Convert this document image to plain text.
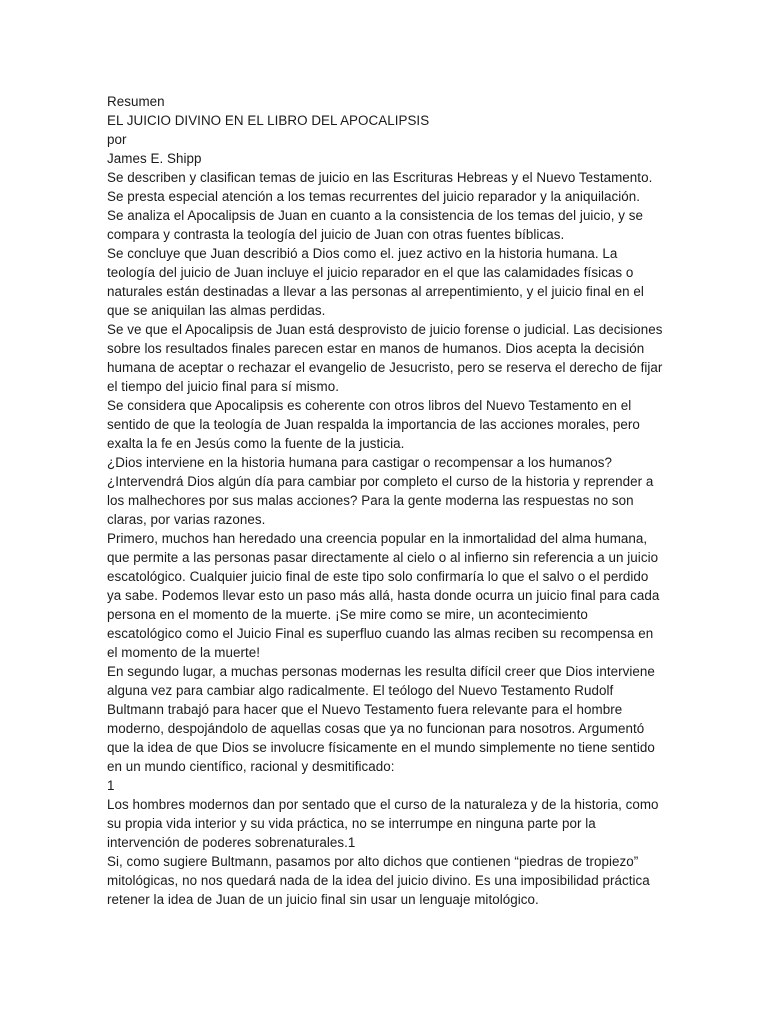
Resumen

EL JUICIO DIVINO EN EL LIBRO DEL APOCALIPSIS

por

James E. Shipp

Se describen y clasifican temas de juicio en las Escrituras Hebreas y el Nuevo Testamento.

Se presta especial atención a los temas recurrentes del juicio reparador y la aniquilación.

Se analiza el Apocalipsis de Juan en cuanto a la consistencia de los temas del juicio, y se compara y contrasta la teología del juicio de Juan con otras fuentes bíblicas.

Se concluye que Juan describió a Dios como el. juez activo en la historia humana. La teología del juicio de Juan incluye el juicio reparador en el que las calamidades físicas o naturales están destinadas a llevar a las personas al arrepentimiento, y el juicio final en el que se aniquilan las almas perdidas.

Se ve que el Apocalipsis de Juan está desprovisto de juicio forense o judicial. Las decisiones sobre los resultados finales parecen estar en manos de humanos. Dios acepta la decisión humana de aceptar o rechazar el evangelio de Jesucristo, pero se reserva el derecho de fijar el tiempo del juicio final para sí mismo.

Se considera que Apocalipsis es coherente con otros libros del Nuevo Testamento en el sentido de que la teología de Juan respalda la importancia de las acciones morales, pero exalta la fe en Jesús como la fuente de la justicia.

¿Dios interviene en la historia humana para castigar o recompensar a los humanos? ¿Intervendrá Dios algún día para cambiar por completo el curso de la historia y reprender a los malhechores por sus malas acciones? Para la gente moderna las respuestas no son claras, por varias razones.

Primero, muchos han heredado una creencia popular en la inmortalidad del alma humana, que permite a las personas pasar directamente al cielo o al infierno sin referencia a un juicio escatológico. Cualquier juicio final de este tipo solo confirmaría lo que el salvo o el perdido ya sabe. Podemos llevar esto un paso más allá, hasta donde ocurra un juicio final para cada persona en el momento de la muerte. ¡Se mire como se mire, un acontecimiento escatológico como el Juicio Final es superfluo cuando las almas reciben su recompensa en el momento de la muerte!

En segundo lugar, a muchas personas modernas les resulta difícil creer que Dios interviene alguna vez para cambiar algo radicalmente. El teólogo del Nuevo Testamento Rudolf Bultmann trabajó para hacer que el Nuevo Testamento fuera relevante para el hombre moderno, despojándolo de aquellas cosas que ya no funcionan para nosotros. Argumentó que la idea de que Dios se involucre físicamente en el mundo simplemente no tiene sentido en un mundo científico, racional y desmitificado:

1

Los hombres modernos dan por sentado que el curso de la naturaleza y de la historia, como su propia vida interior y su vida práctica, no se interrumpe en ninguna parte por la intervención de poderes sobrenaturales.1

Si, como sugiere Bultmann, pasamos por alto dichos que contienen “piedras de tropiezo” mitológicas, no nos quedará nada de la idea del juicio divino. Es una imposibilidad práctica retener la idea de Juan de un juicio final sin usar un lenguaje mitológico.
